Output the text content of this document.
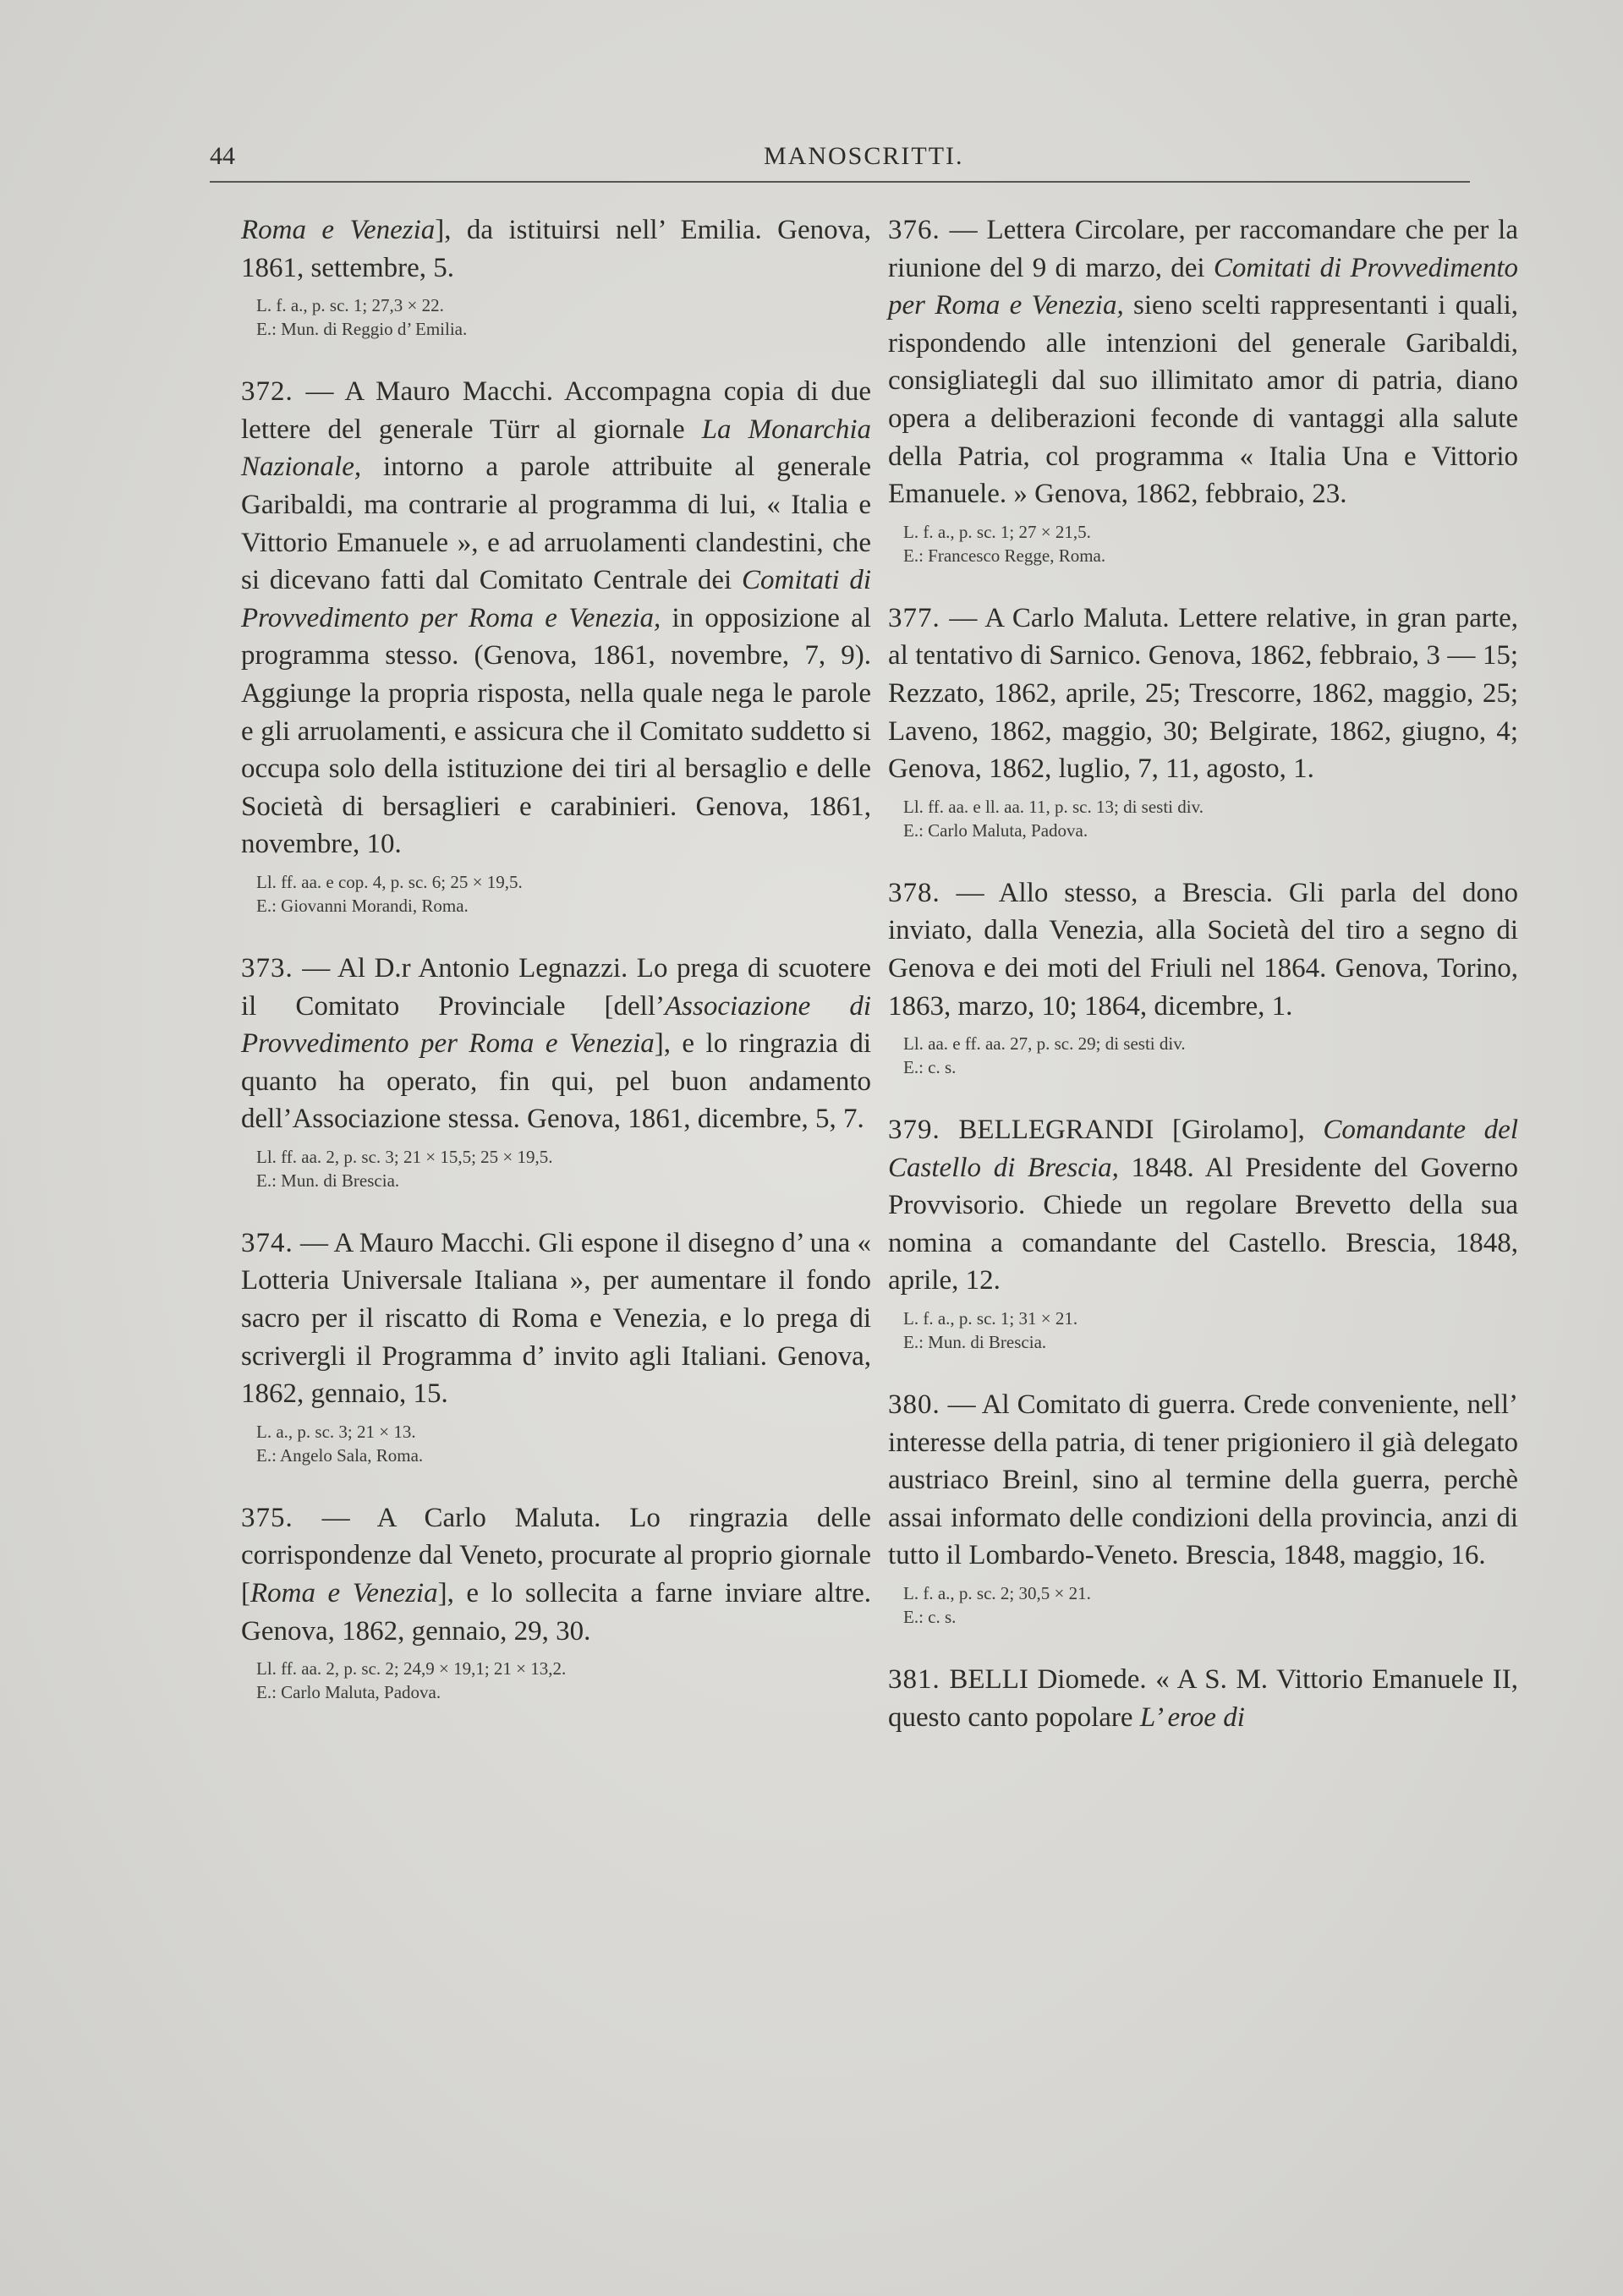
44	MANOSCRITTI.

Roma e Venezia], da istituirsi nell’ Emilia. Genova, 1861, settembre, 5.

L. f. a., p. sc. 1; 27,3 × 22.
E.: Mun. di Reggio d’ Emilia.

372. — A Mauro Macchi. Accompagna copia di due lettere del generale Türr al giornale La Monarchia Nazionale, intorno a parole attribuite al generale Garibaldi, ma contrarie al programma di lui, « Italia e Vittorio Emanuele », e ad arruolamenti clandestini, che si dicevano fatti dal Comitato Centrale dei Comitati di Provvedimento per Roma e Venezia, in opposizione al programma stesso. (Genova, 1861, novembre, 7, 9). Aggiunge la propria risposta, nella quale nega le parole e gli arruolamenti, e assicura che il Comitato suddetto si occupa solo della istituzione dei tiri al bersaglio e delle Società di bersaglieri e carabinieri. Genova, 1861, novembre, 10.

Ll. ff. aa. e cop. 4, p. sc. 6; 25 × 19,5.
E.: Giovanni Morandi, Roma.

373. — Al D.r Antonio Legnazzi. Lo prega di scuotere il Comitato Provinciale [dell’Associazione di Provvedimento per Roma e Venezia], e lo ringrazia di quanto ha operato, fin qui, pel buon andamento dell’Associazione stessa. Genova, 1861, dicembre, 5, 7.

Ll. ff. aa. 2, p. sc. 3; 21 × 15,5; 25 × 19,5.
E.: Mun. di Brescia.

374. — A Mauro Macchi. Gli espone il disegno d’ una « Lotteria Universale Italiana », per aumentare il fondo sacro per il riscatto di Roma e Venezia, e lo prega di scrivergli il Programma d’ invito agli Italiani. Genova, 1862, gennaio, 15.

L. a., p. sc. 3; 21 × 13.
E.: Angelo Sala, Roma.

375. — A Carlo Maluta. Lo ringrazia delle corrispondenze dal Veneto, procurate al proprio giornale [Roma e Venezia], e lo sollecita a farne inviare altre. Genova, 1862, gennaio, 29, 30.

Ll. ff. aa. 2, p. sc. 2; 24,9 × 19,1; 21 × 13,2.
E.: Carlo Maluta, Padova.

376. — Lettera Circolare, per raccomandare che per la riunione del 9 di marzo, dei Comitati di Provvedimento per Roma e Venezia, sieno scelti rappresentanti i quali, rispondendo alle intenzioni del generale Garibaldi, consigliategli dal suo illimitato amor di patria, diano opera a deliberazioni feconde di vantaggi alla salute della Patria, col programma « Italia Una e Vittorio Emanuele. » Genova, 1862, febbraio, 23.

L. f. a., p. sc. 1; 27 × 21,5.
E.: Francesco Regge, Roma.

377. — A Carlo Maluta. Lettere relative, in gran parte, al tentativo di Sarnico. Genova, 1862, febbraio, 3 — 15; Rezzato, 1862, aprile, 25; Trescorre, 1862, maggio, 25; Laveno, 1862, maggio, 30; Belgirate, 1862, giugno, 4; Genova, 1862, luglio, 7, 11, agosto, 1.

Ll. ff. aa. e ll. aa. 11, p. sc. 13; di sesti div.
E.: Carlo Maluta, Padova.

378. — Allo stesso, a Brescia. Gli parla del dono inviato, dalla Venezia, alla Società del tiro a segno di Genova e dei moti del Friuli nel 1864. Genova, Torino, 1863, marzo, 10; 1864, dicembre, 1.

Ll. aa. e ff. aa. 27, p. sc. 29; di sesti div.
E.: c. s.

379. BELLEGRANDI [Girolamo], Comandante del Castello di Brescia, 1848. Al Presidente del Governo Provvisorio. Chiede un regolare Brevetto della sua nomina a comandante del Castello. Brescia, 1848, aprile, 12.

L. f. a., p. sc. 1; 31 × 21.
E.: Mun. di Brescia.

380. — Al Comitato di guerra. Crede conveniente, nell’ interesse della patria, di tener prigioniero il già delegato austriaco Breinl, sino al termine della guerra, perchè assai informato delle condizioni della provincia, anzi di tutto il Lombardo-Veneto. Brescia, 1848, maggio, 16.

L. f. a., p. sc. 2; 30,5 × 21.
E.: c. s.

381. BELLI Diomede. « A S. M. Vittorio Emanuele II, questo canto popolare L’ eroe di
